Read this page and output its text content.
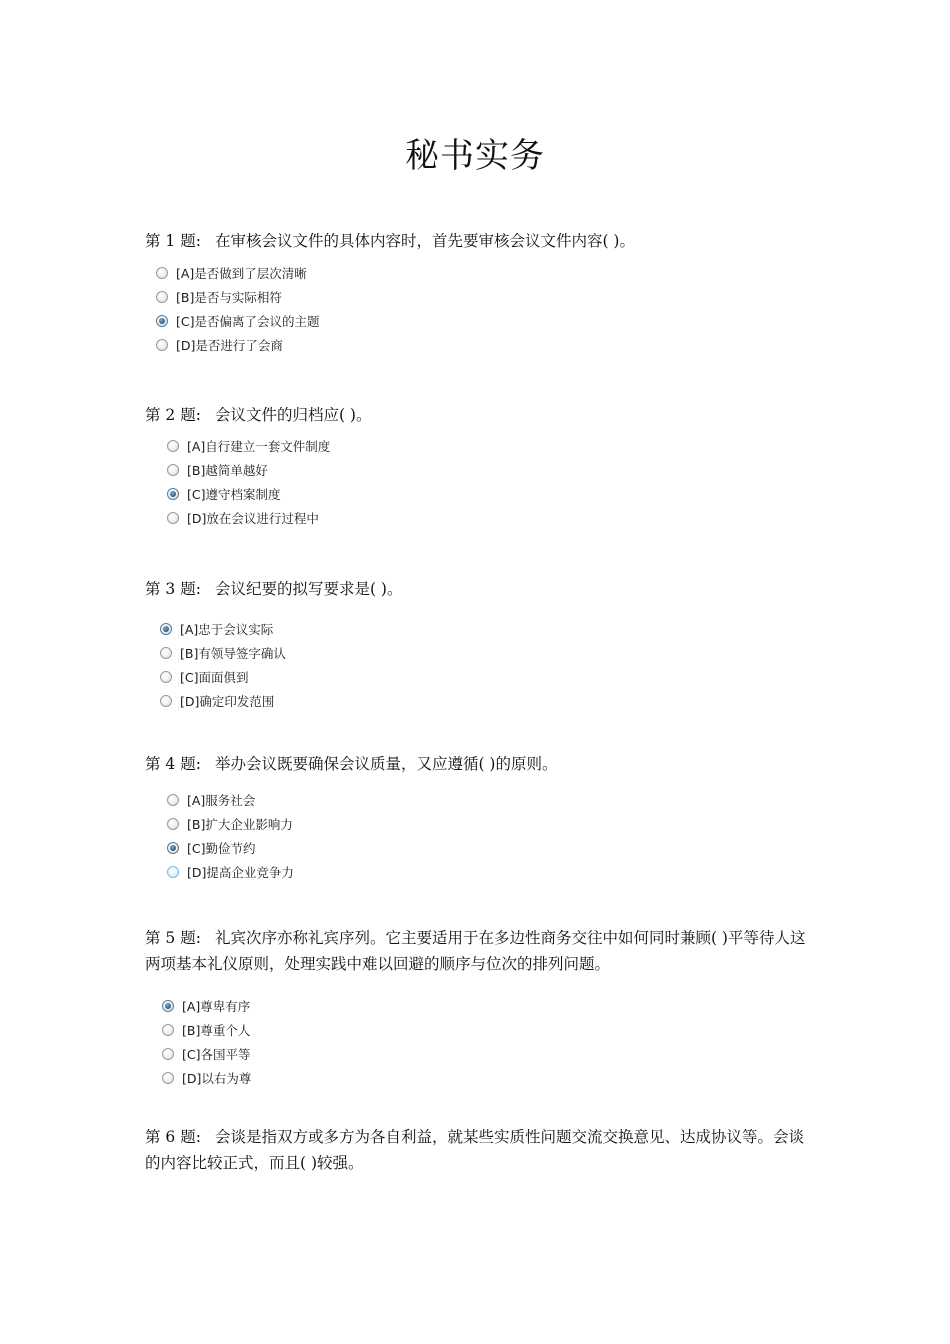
秘书实务

第 1 题: 在审核会议文件的具体内容时，首先要审核会议文件内容( )。

[A]是否做到了层次清晰
[B]是否与实际相符
[C]是否偏离了会议的主题
[D]是否进行了会商

第 2 题: 会议文件的归档应( )。

[A]自行建立一套文件制度
[B]越简单越好
[C]遵守档案制度
[D]放在会议进行过程中

第 3 题: 会议纪要的拟写要求是( )。

[A]忠于会议实际
[B]有领导签字确认
[C]面面俱到
[D]确定印发范围

第 4 题: 举办会议既要确保会议质量，又应遵循( )的原则。

[A]服务社会
[B]扩大企业影响力
[C]勤俭节约
[D]提高企业竞争力

第 5 题: 礼宾次序亦称礼宾序列。它主要适用于在多边性商务交往中如何同时兼顾( )平等待人这两项基本礼仪原则，处理实践中难以回避的顺序与位次的排列问题。

[A]尊卑有序
[B]尊重个人
[C]各国平等
[D]以右为尊

第 6 题: 会谈是指双方或多方为各自利益，就某些实质性问题交流交换意见、达成协议等。会谈的内容比较正式，而且( )较强。
